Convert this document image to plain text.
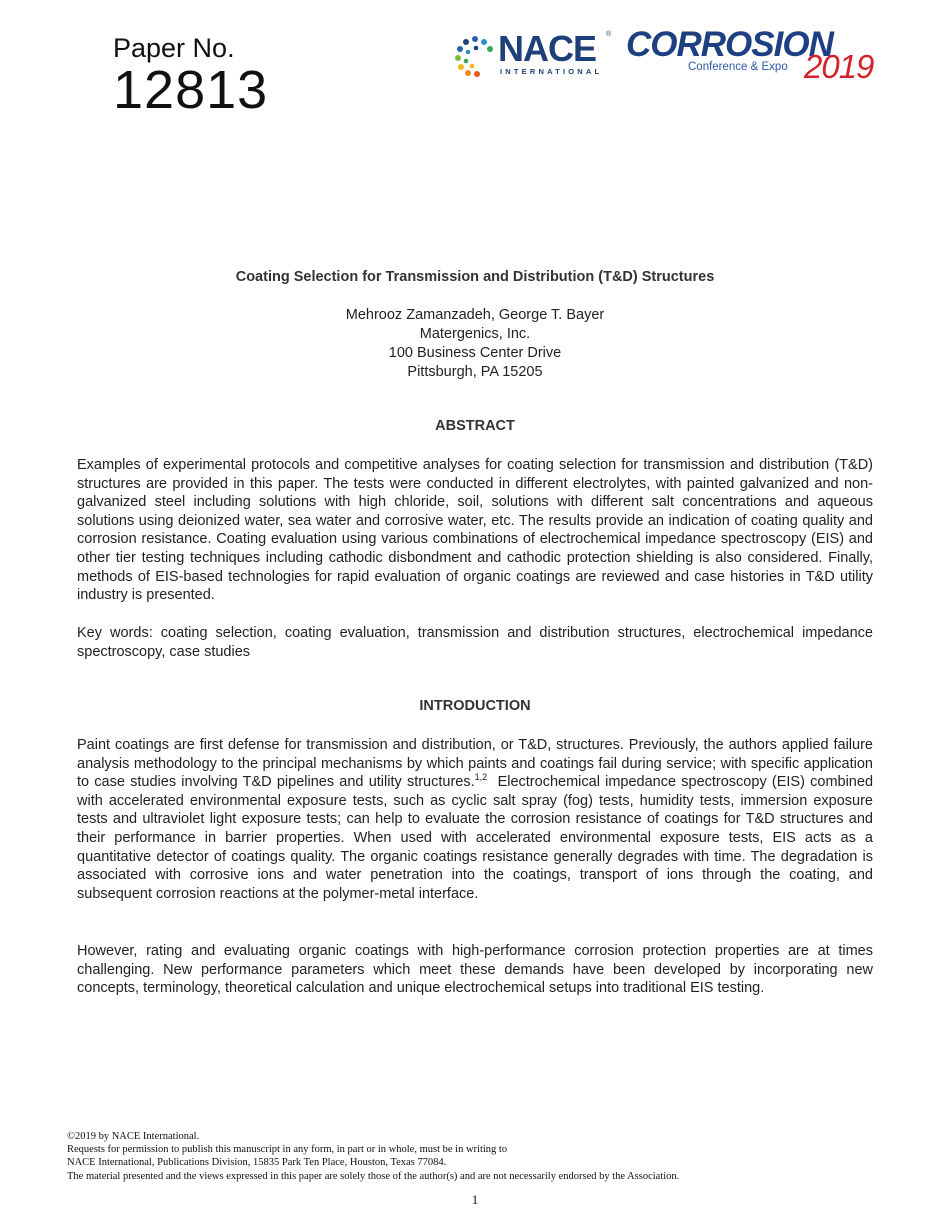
Paper No.
12813
NACE ®
INTERNATIONAL
CORROSION
Conference & Expo 2019
Coating Selection for Transmission and Distribution (T&D) Structures
Mehrooz Zamanzadeh, George T. Bayer
Matergenics, Inc.
100 Business Center Drive
Pittsburgh, PA 15205
ABSTRACT
Examples of experimental protocols and competitive analyses for coating selection for transmission and distribution (T&D) structures are provided in this paper. The tests were conducted in different electrolytes, with painted galvanized and non-galvanized steel including solutions with high chloride, soil, solutions with different salt concentrations and aqueous solutions using deionized water, sea water and corrosive water, etc. The results provide an indication of coating quality and corrosion resistance. Coating evaluation using various combinations of electrochemical impedance spectroscopy (EIS) and other tier testing techniques including cathodic disbondment and cathodic protection shielding is also considered. Finally, methods of EIS-based technologies for rapid evaluation of organic coatings are reviewed and case histories in T&D utility industry is presented.
Key words: coating selection, coating evaluation, transmission and distribution structures, electrochemical impedance spectroscopy, case studies
INTRODUCTION
Paint coatings are first defense for transmission and distribution, or T&D, structures. Previously, the authors applied failure analysis methodology to the principal mechanisms by which paints and coatings fail during service; with specific application to case studies involving T&D pipelines and utility structures.$^{1,2}$  Electrochemical impedance spectroscopy (EIS) combined with accelerated environmental exposure tests, such as cyclic salt spray (fog) tests, humidity tests, immersion exposure tests and ultraviolet light exposure tests; can help to evaluate the corrosion resistance of coatings for T&D structures and their performance in barrier properties. When used with accelerated environmental exposure tests, EIS acts as a quantitative detector of coatings quality. The organic coatings resistance generally degrades with time. The degradation is associated with corrosive ions and water penetration into the coatings, transport of ions through the coating, and subsequent corrosion reactions at the polymer-metal interface.
However, rating and evaluating organic coatings with high-performance corrosion protection properties are at times challenging. New performance parameters which meet these demands have been developed by incorporating new concepts, terminology, theoretical calculation and unique electrochemical setups into traditional EIS testing.
©2019 by NACE International.
Requests for permission to publish this manuscript in any form, in part or in whole, must be in writing to
NACE International, Publications Division, 15835 Park Ten Place, Houston, Texas 77084.
The material presented and the views expressed in this paper are solely those of the author(s) and are not necessarily endorsed by the Association.
1
